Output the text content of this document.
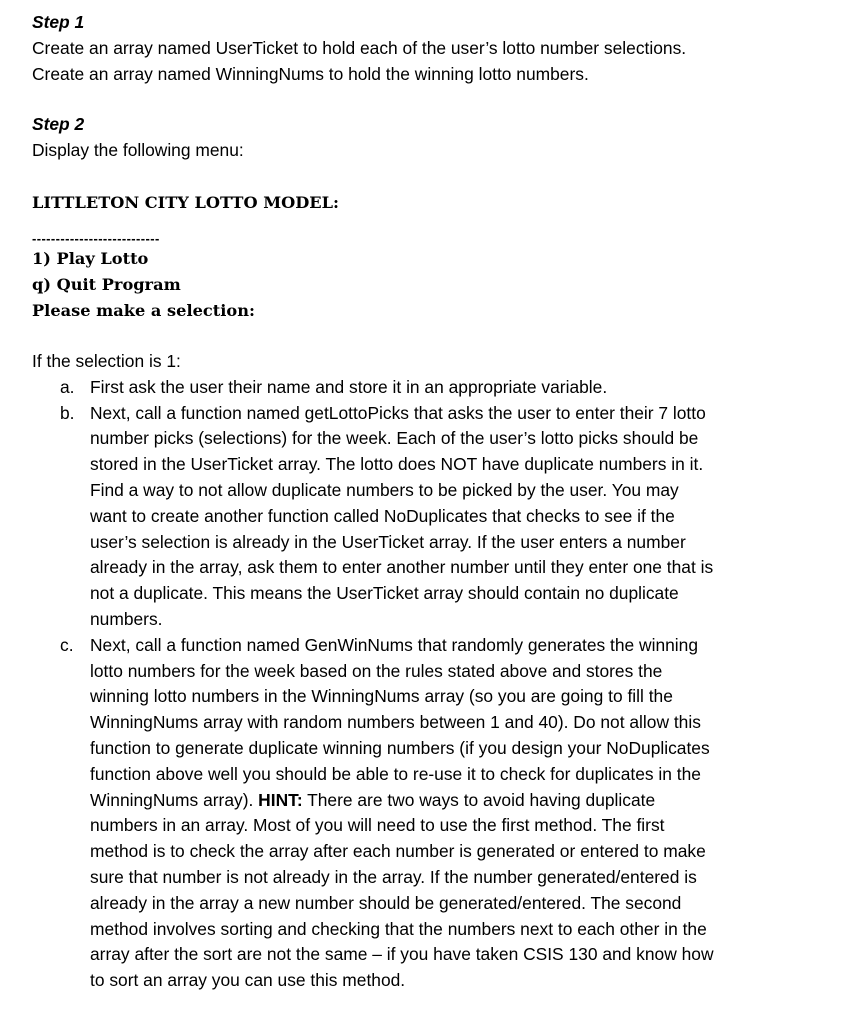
Step 1
Create an array named UserTicket to hold each of the user’s lotto number selections.
Create an array named WinningNums to hold the winning lotto numbers.
Step 2
Display the following menu:
LITTLETON CITY LOTTO MODEL:
---------------------------
1) Play Lotto
q) Quit Program
Please make a selection:
If the selection is 1:
a. First ask the user their name and store it in an appropriate variable.
b. Next, call a function named getLottoPicks that asks the user to enter their 7 lotto
number picks (selections) for the week. Each of the user’s lotto picks should be
stored in the UserTicket array. The lotto does NOT have duplicate numbers in it.
Find a way to not allow duplicate numbers to be picked by the user. You may
want to create another function called NoDuplicates that checks to see if the
user’s selection is already in the UserTicket array. If the user enters a number
already in the array, ask them to enter another number until they enter one that is
not a duplicate. This means the UserTicket array should contain no duplicate
numbers.
c. Next, call a function named GenWinNums that randomly generates the winning
lotto numbers for the week based on the rules stated above and stores the
winning lotto numbers in the WinningNums array (so you are going to fill the
WinningNums array with random numbers between 1 and 40). Do not allow this
function to generate duplicate winning numbers (if you design your NoDuplicates
function above well you should be able to re-use it to check for duplicates in the
WinningNums array). HINT: There are two ways to avoid having duplicate
numbers in an array. Most of you will need to use the first method. The first
method is to check the array after each number is generated or entered to make
sure that number is not already in the array. If the number generated/entered is
already in the array a new number should be generated/entered. The second
method involves sorting and checking that the numbers next to each other in the
array after the sort are not the same – if you have taken CSIS 130 and know how
to sort an array you can use this method.
